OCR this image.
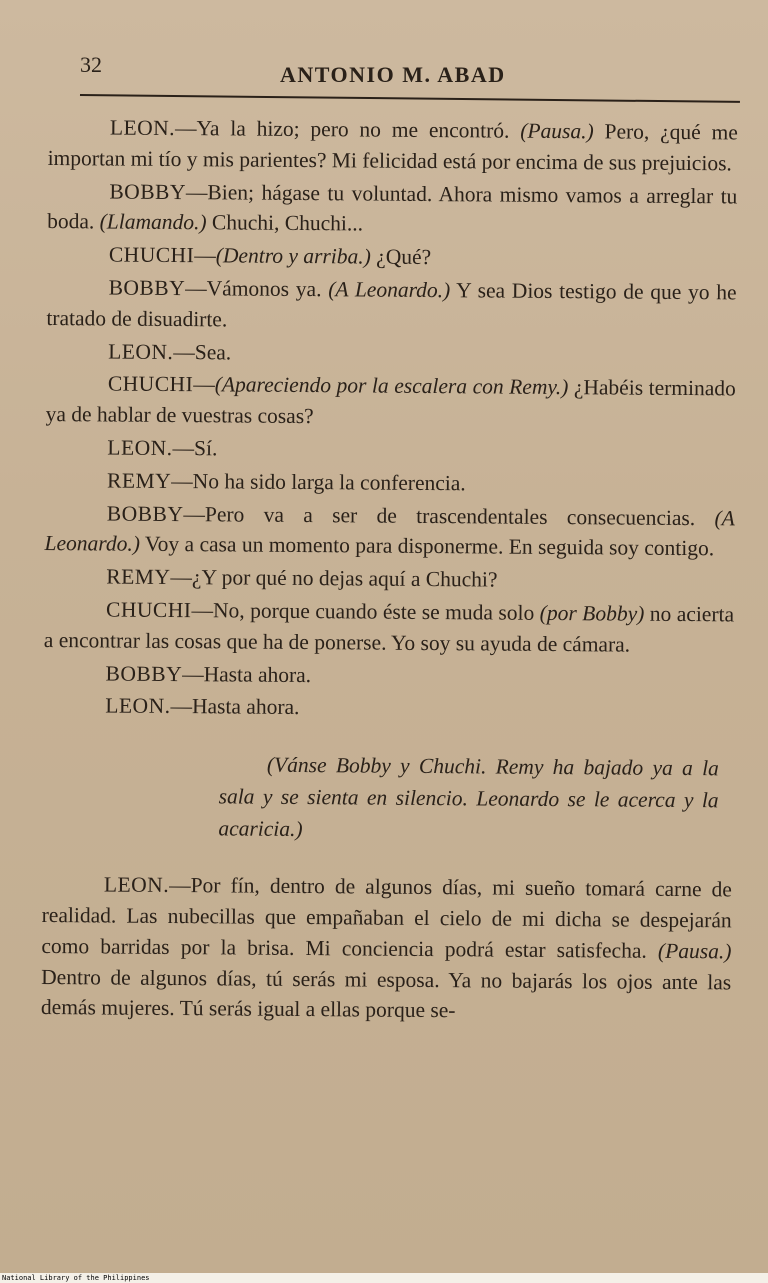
32	ANTONIO M. ABAD

LEON.—Ya la hizo; pero no me encontró. (Pausa.) Pero, ¿qué me importan mi tío y mis parientes? Mi felicidad está por encima de sus prejuicios.

BOBBY—Bien; hágase tu voluntad. Ahora mismo vamos a arreglar tu boda. (Llamando.) Chuchi, Chuchi...

CHUCHI—(Dentro y arriba.) ¿Qué?

BOBBY—Vámonos ya. (A Leonardo.) Y sea Dios testigo de que yo he tratado de disuadirte.

LEON.—Sea.

CHUCHI—(Apareciendo por la escalera con Remy.) ¿Habéis terminado ya de hablar de vuestras cosas?

LEON.—Sí.

REMY—No ha sido larga la conferencia.

BOBBY—Pero va a ser de trascendentales consecuencias. (A Leonardo.) Voy a casa un momento para disponerme. En seguida soy contigo.

REMY—¿Y por qué no dejas aquí a Chuchi?

CHUCHI—No, porque cuando éste se muda solo (por Bobby) no acierta a encontrar las cosas que ha de ponerse. Yo soy su ayuda de cámara.

BOBBY—Hasta ahora.

LEON.—Hasta ahora.

(Vánse Bobby y Chuchi. Remy ha bajado ya a la sala y se sienta en silencio. Leonardo se le acerca y la acaricia.)

LEON.—Por fín, dentro de algunos días, mi sueño tomará carne de realidad. Las nubecillas que empañaban el cielo de mi dicha se despejarán como barridas por la brisa. Mi conciencia podrá estar satisfecha. (Pausa.) Dentro de algunos días, tú serás mi esposa. Ya no bajarás los ojos ante las demás mujeres. Tú serás igual a ellas porque se-

National Library of the Philippines
